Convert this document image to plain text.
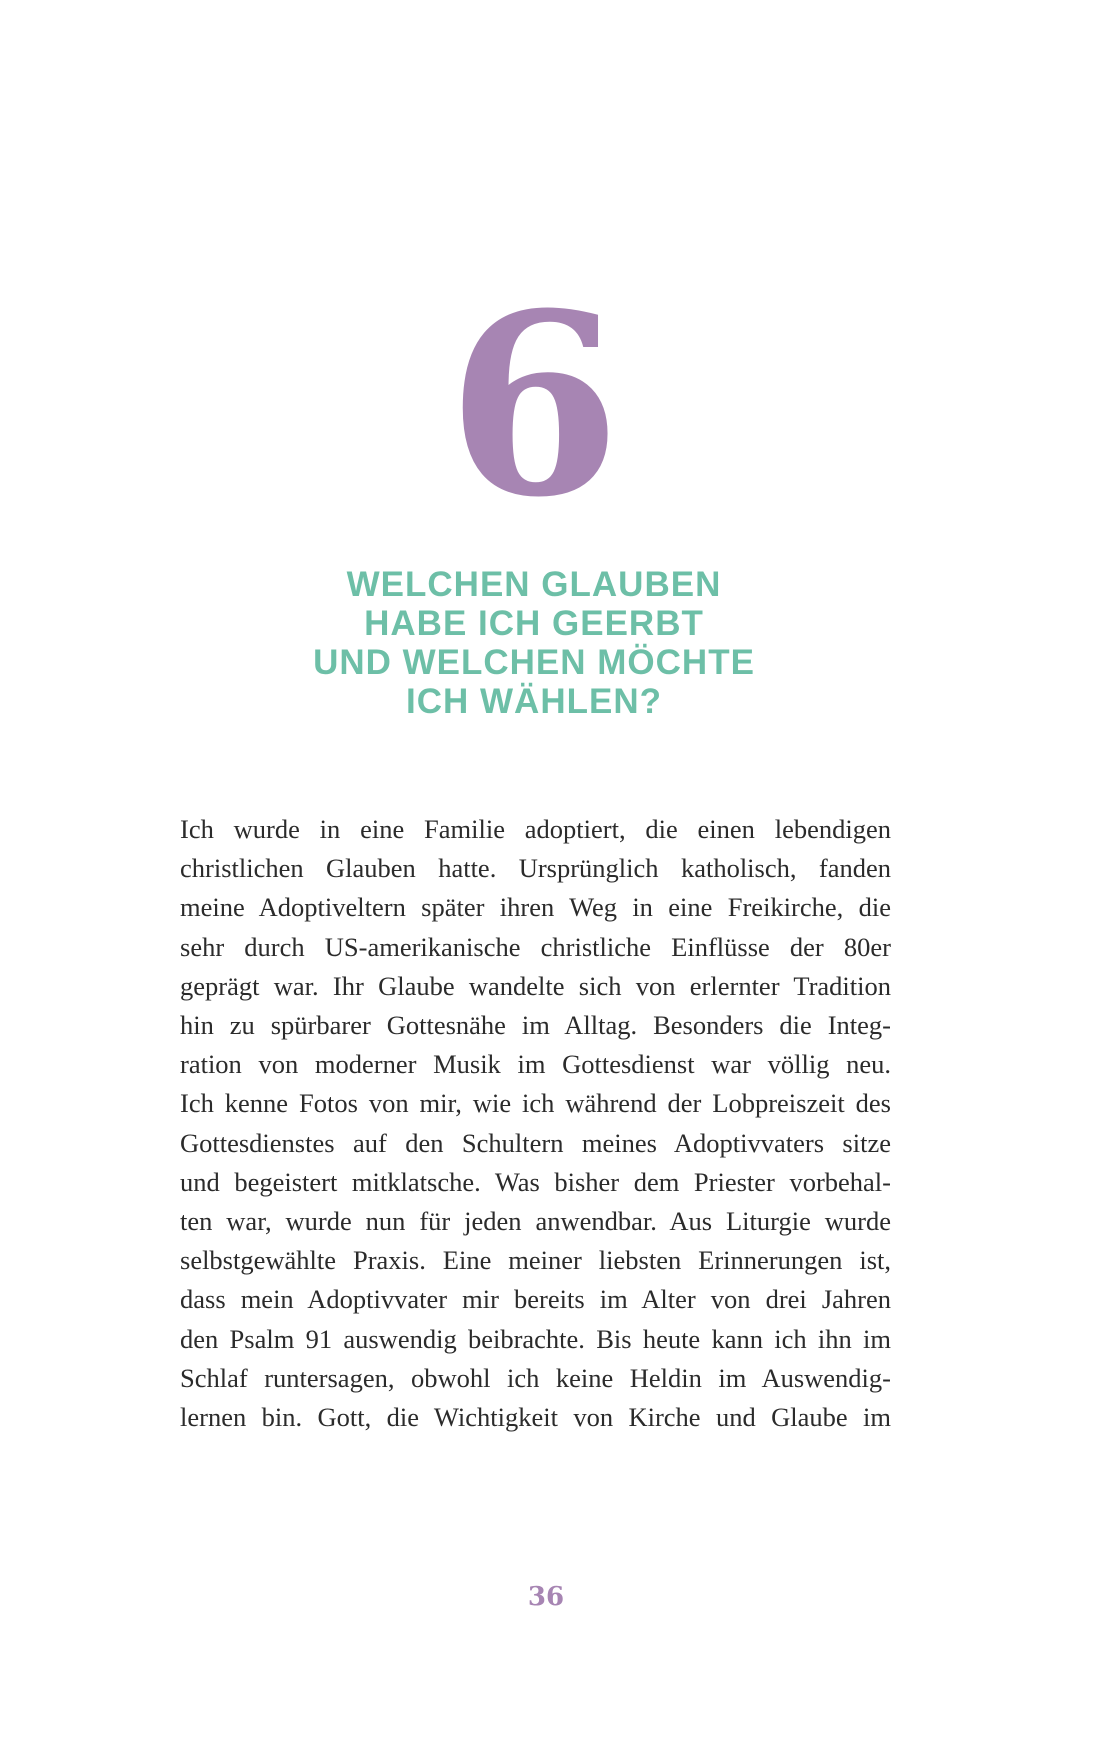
6
WELCHEN GLAUBEN
HABE ICH GEERBT
UND WELCHEN MÖCHTE
ICH WÄHLEN?

Ich wurde in eine Familie adoptiert, die einen lebendigen
christlichen Glauben hatte. Ursprünglich katholisch, fanden
meine Adoptiveltern später ihren Weg in eine Freikirche, die
sehr durch US-amerikanische christliche Einflüsse der 80er
geprägt war. Ihr Glaube wandelte sich von erlernter Tradition
hin zu spürbarer Gottesnähe im Alltag. Besonders die Integ-
ration von moderner Musik im Gottesdienst war völlig neu.
Ich kenne Fotos von mir, wie ich während der Lobpreiszeit des
Gottesdienstes auf den Schultern meines Adoptivvaters sitze
und begeistert mitklatsche. Was bisher dem Priester vorbehal-
ten war, wurde nun für jeden anwendbar. Aus Liturgie wurde
selbstgewählte Praxis. Eine meiner liebsten Erinnerungen ist,
dass mein Adoptivvater mir bereits im Alter von drei Jahren
den Psalm 91 auswendig beibrachte. Bis heute kann ich ihn im
Schlaf runtersagen, obwohl ich keine Heldin im Auswendig-
lernen bin. Gott, die Wichtigkeit von Kirche und Glaube im

36
